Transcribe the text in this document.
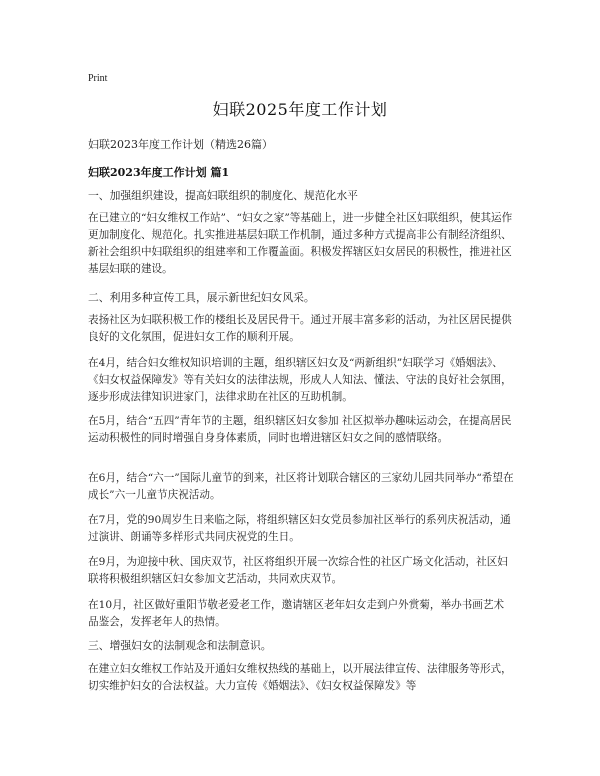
Print
妇联2025年度工作计划
妇联2023年度工作计划（精选26篇）
妇联2023年度工作计划 篇1

一、加强组织建设，提高妇联组织的制度化、规范化水平

在已建立的“妇女维权工作站”、“妇女之家”等基础上，进一步健全社区妇联组织，使其运作更加制度化、规范化。扎实推进基层妇联工作机制，通过多种方式提高非公有制经济组织、新社会组织中妇联组织的组建率和工作覆盖面。积极发挥辖区妇女居民的积极性，推进社区基层妇联的建设。

二、利用多种宣传工具，展示新世纪妇女风采。

表扬社区为妇联积极工作的楼组长及居民骨干。通过开展丰富多彩的活动，为社区居民提供良好的文化氛围，促进妇女工作的顺利开展。

在4月，结合妇女维权知识培训的主题，组织辖区妇女及“两新组织”妇联学习《婚姻法》、《妇女权益保障发》等有关妇女的法律法规，形成人人知法、懂法、守法的良好社会氛围，逐步形成法律知识进家门，法律求助在社区的互助机制。

在5月，结合“五四”青年节的主题，组织辖区妇女参加 社区拟举办趣味运动会，在提高居民 运动积极性的同时增强自身身体素质，同时也增进辖区妇女之间的感情联络。

在6月，结合“六一”国际儿童节的到来，社区将计划联合辖区的三家幼儿园共同举办“希望在成长”六一儿童节庆祝活动。

在7月，党的90周岁生日来临之际，将组织辖区妇女党员参加社区举行的系列庆祝活动，通过演讲、朗诵等多样形式共同庆祝党的生日。

在9月，为迎接中秋、国庆双节，社区将组织开展一次综合性的社区广场文化活动，社区妇联将积极组织辖区妇女参加文艺活动，共同欢庆双节。

在10月，社区做好重阳节敬老爱老工作，邀请辖区老年妇女走到户外赏菊，举办书画艺术品鉴会，发挥老年人的热情。

三、增强妇女的法制观念和法制意识。

在建立妇女维权工作站及开通妇女维权热线的基础上，以开展法律宣传、法律服务等形式，切实维护妇女的合法权益。大力宣传《婚姻法》、《妇女权益保障发》等
